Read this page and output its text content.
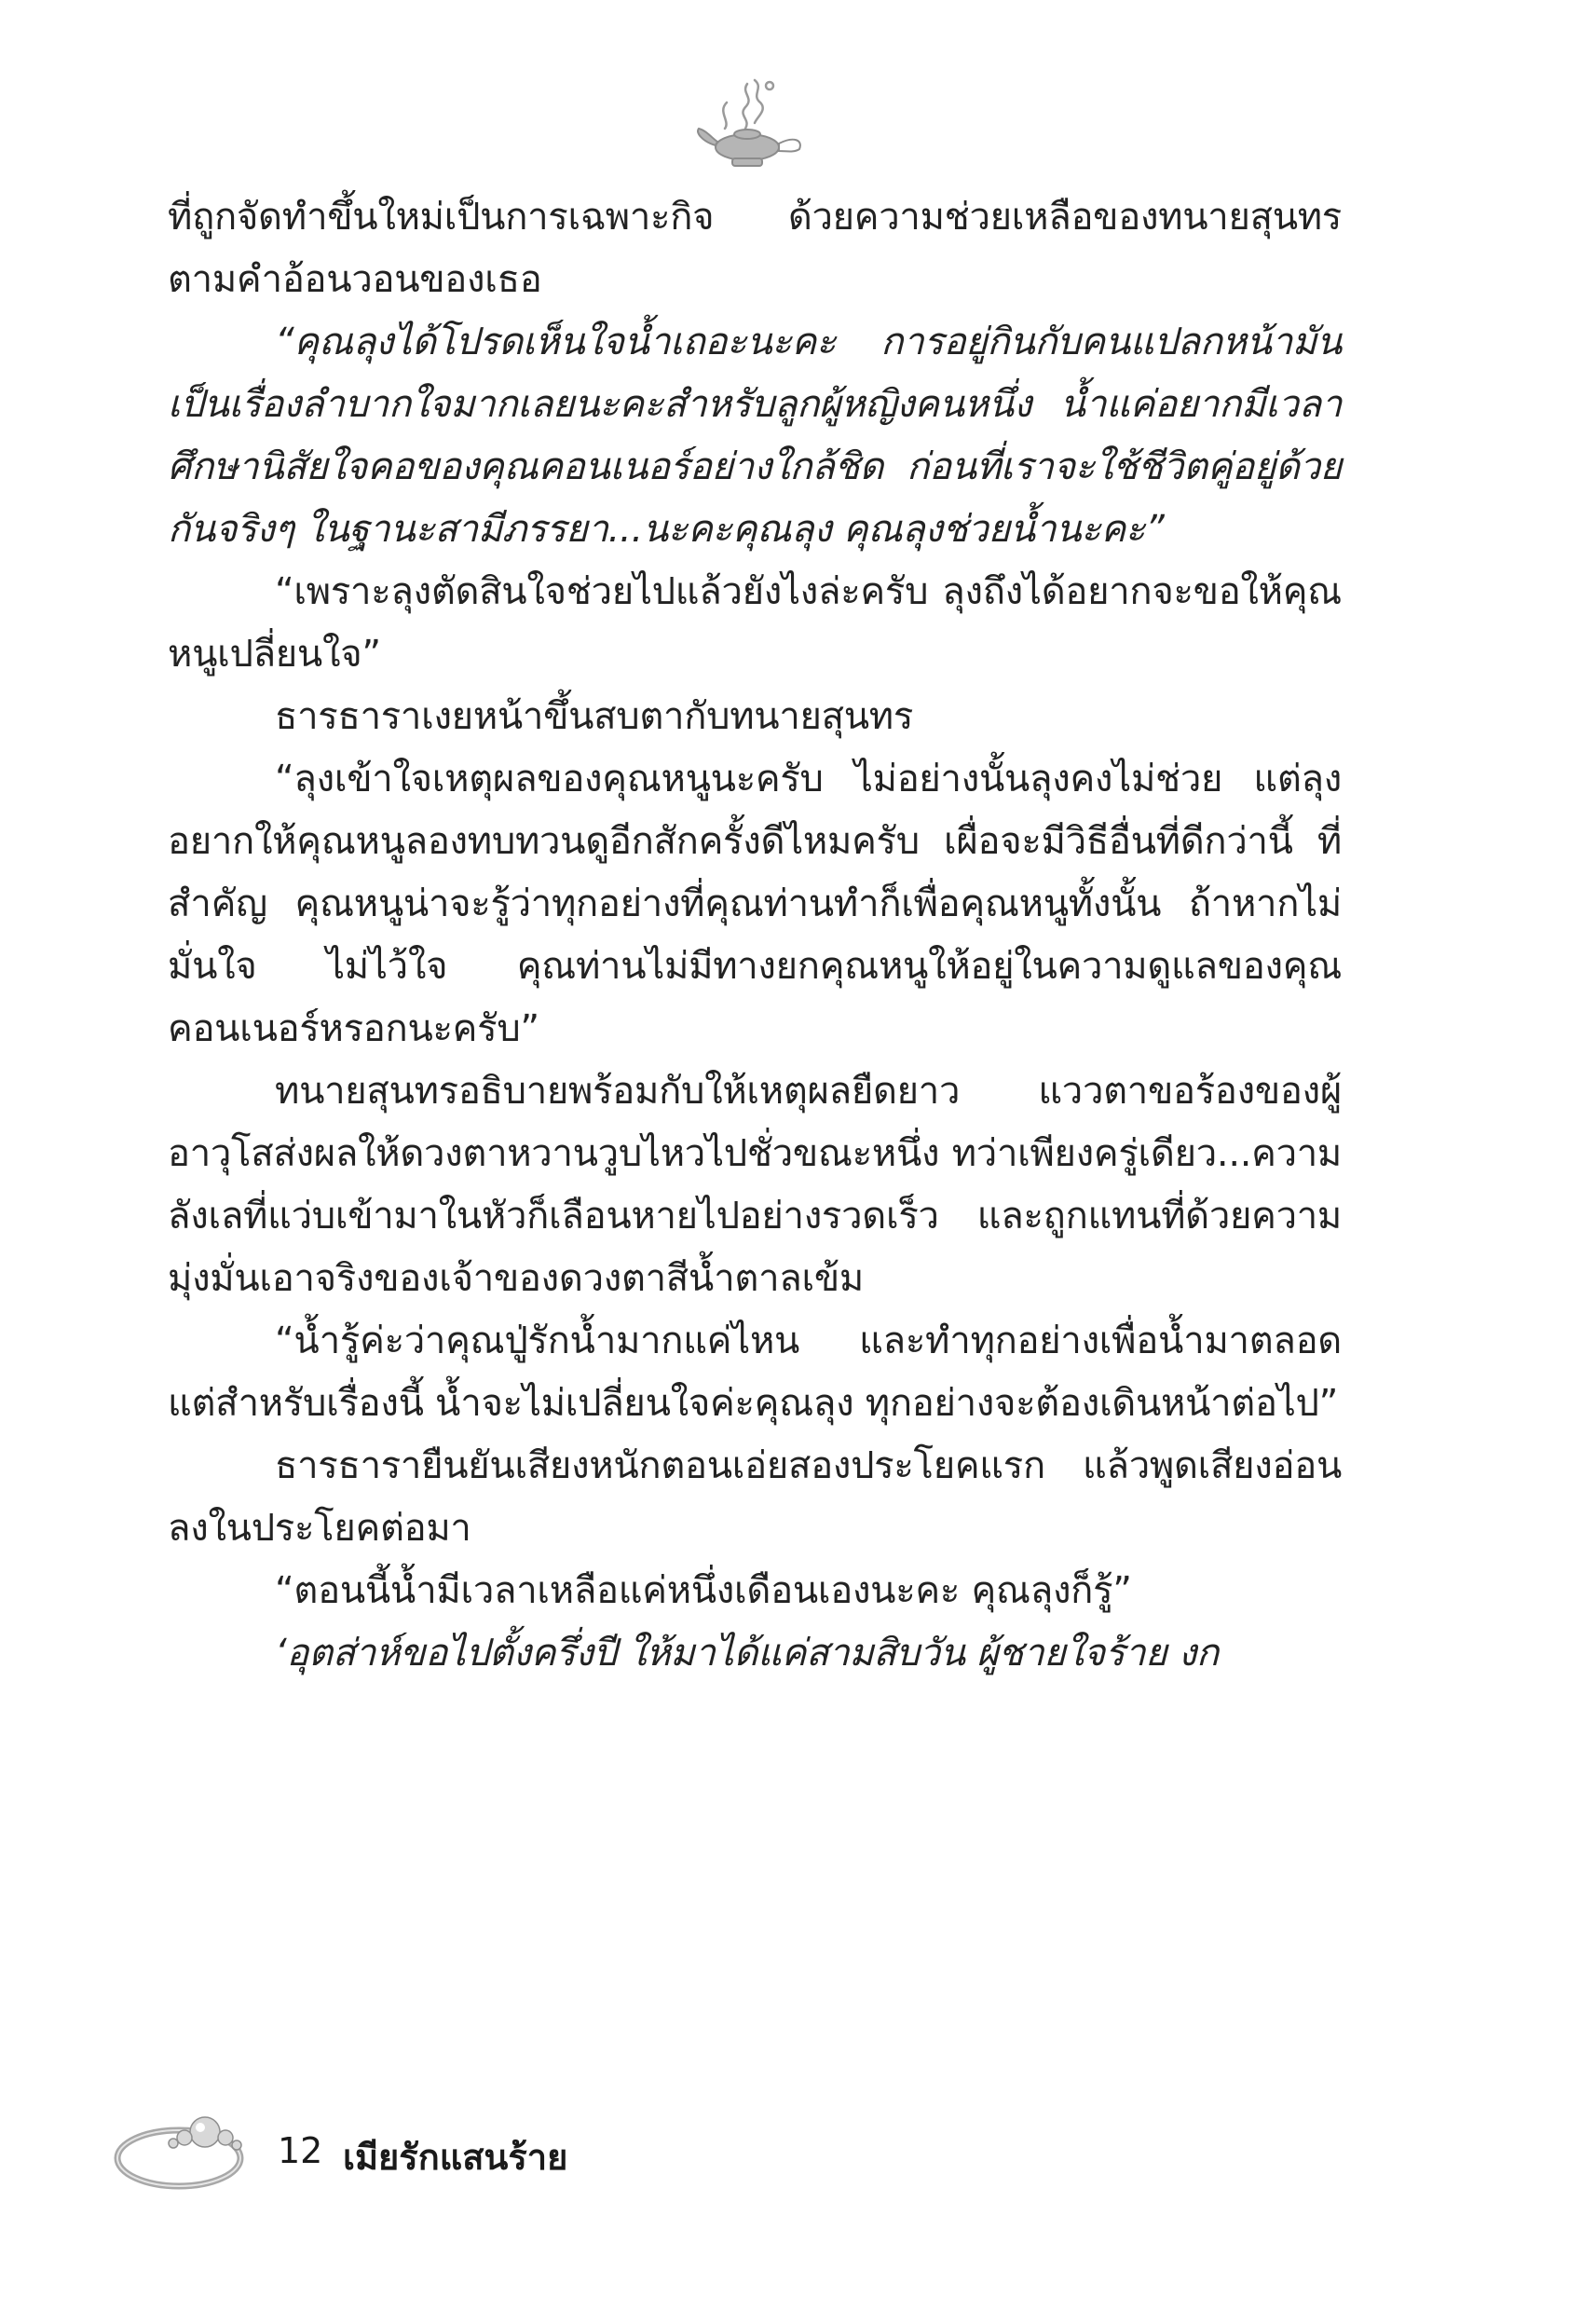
ที่ถูกจัดทำขึ้นใหม่เป็นการเฉพาะกิจ ด้วยความช่วยเหลือของทนายสุนทร ตามคำอ้อนวอนของเธอ

“คุณลุงได้โปรดเห็นใจน้ำเถอะนะคะ การอยู่กินกับคนแปลกหน้ามันเป็นเรื่องลำบากใจมากเลยนะคะสำหรับลูกผู้หญิงคนหนึ่ง น้ำแค่อยากมีเวลาศึกษานิสัยใจคอของคุณคอนเนอร์อย่างใกล้ชิด ก่อนที่เราจะใช้ชีวิตคู่อยู่ด้วยกันจริงๆ ในฐานะสามีภรรยา...นะคะคุณลุง คุณลุงช่วยน้ำนะคะ”

“เพราะลุงตัดสินใจช่วยไปแล้วยังไงล่ะครับ ลุงถึงได้อยากจะขอให้คุณหนูเปลี่ยนใจ”

ธารธาราเงยหน้าขึ้นสบตากับทนายสุนทร

“ลุงเข้าใจเหตุผลของคุณหนูนะครับ ไม่อย่างนั้นลุงคงไม่ช่วย แต่ลุงอยากให้คุณหนูลองทบทวนดูอีกสักครั้งดีไหมครับ เผื่อจะมีวิธีอื่นที่ดีกว่านี้ ที่สำคัญ คุณหนูน่าจะรู้ว่าทุกอย่างที่คุณท่านทำก็เพื่อคุณหนูทั้งนั้น ถ้าหากไม่มั่นใจ ไม่ไว้ใจ คุณท่านไม่มีทางยกคุณหนูให้อยู่ในความดูแลของคุณคอนเนอร์หรอกนะครับ”

ทนายสุนทรอธิบายพร้อมกับให้เหตุผลยืดยาว แววตาขอร้องของผู้อาวุโสส่งผลให้ดวงตาหวานวูบไหวไปชั่วขณะหนึ่ง ทว่าเพียงครู่เดียว...ความลังเลที่แว่บเข้ามาในหัวก็เลือนหายไปอย่างรวดเร็ว และถูกแทนที่ด้วยความมุ่งมั่นเอาจริงของเจ้าของดวงตาสีน้ำตาลเข้ม

“น้ำรู้ค่ะว่าคุณปู่รักน้ำมากแค่ไหน และทำทุกอย่างเพื่อน้ำมาตลอด แต่สำหรับเรื่องนี้ น้ำจะไม่เปลี่ยนใจค่ะคุณลุง ทุกอย่างจะต้องเดินหน้าต่อไป”

ธารธารายืนยันเสียงหนักตอนเอ่ยสองประโยคแรก แล้วพูดเสียงอ่อนลงในประโยคต่อมา

“ตอนนี้น้ำมีเวลาเหลือแค่หนึ่งเดือนเองนะคะ คุณลุงก็รู้”

‘อุตส่าห์ขอไปตั้งครึ่งปี ให้มาได้แค่สามสิบวัน ผู้ชายใจร้าย งก

12 เมียรักแสนร้าย
